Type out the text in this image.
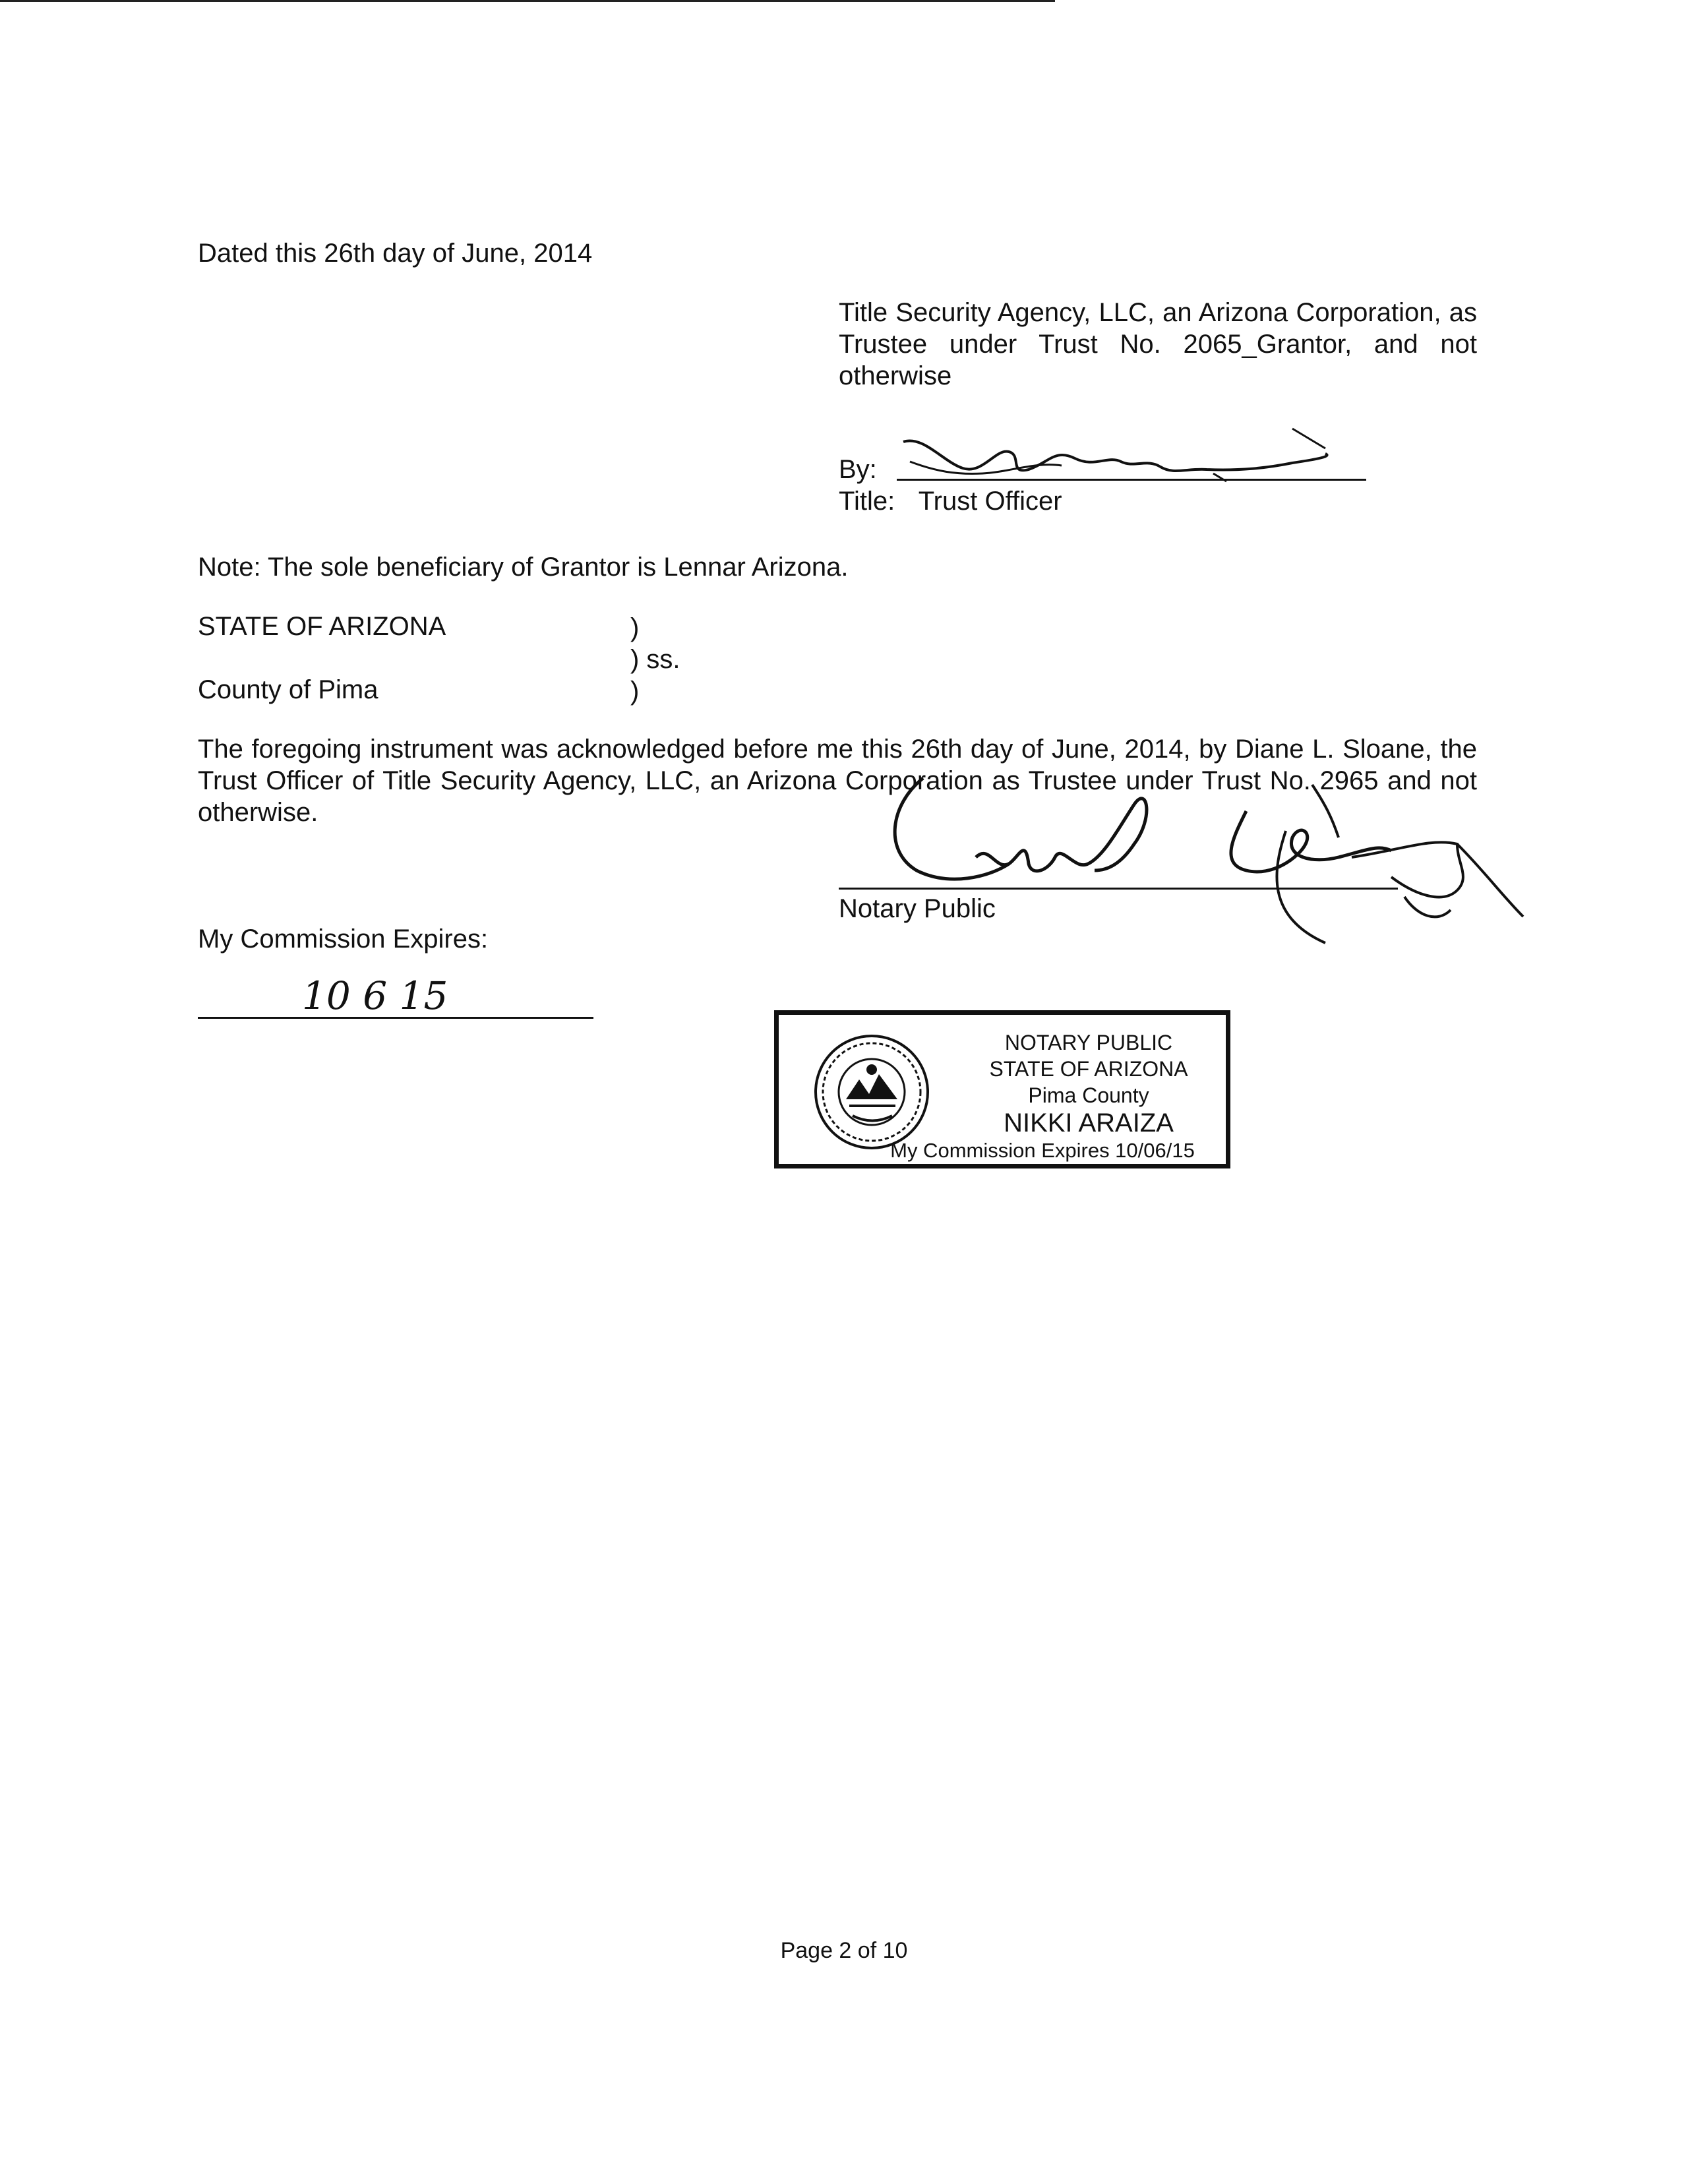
Dated this 26th day of June, 2014
Title Security Agency, LLC, an Arizona Corporation, as Trustee under Trust No. 2065_Grantor, and not otherwise
By:
Title: Trust Officer
Note: The sole beneficiary of Grantor is Lennar Arizona.
STATE OF ARIZONA
County of Pima
)
) ss.
)
The foregoing instrument was acknowledged before me this 26th day of June, 2014, by Diane L. Sloane, the Trust Officer of Title Security Agency, LLC, an Arizona Corporation as Trustee under Trust No. 2965 and not otherwise.
Notary Public
My Commission Expires:
10 6 15
NOTARY PUBLIC
STATE OF ARIZONA
Pima County
NIKKI ARAIZA
My Commission Expires 10/06/15
Page 2 of 10
